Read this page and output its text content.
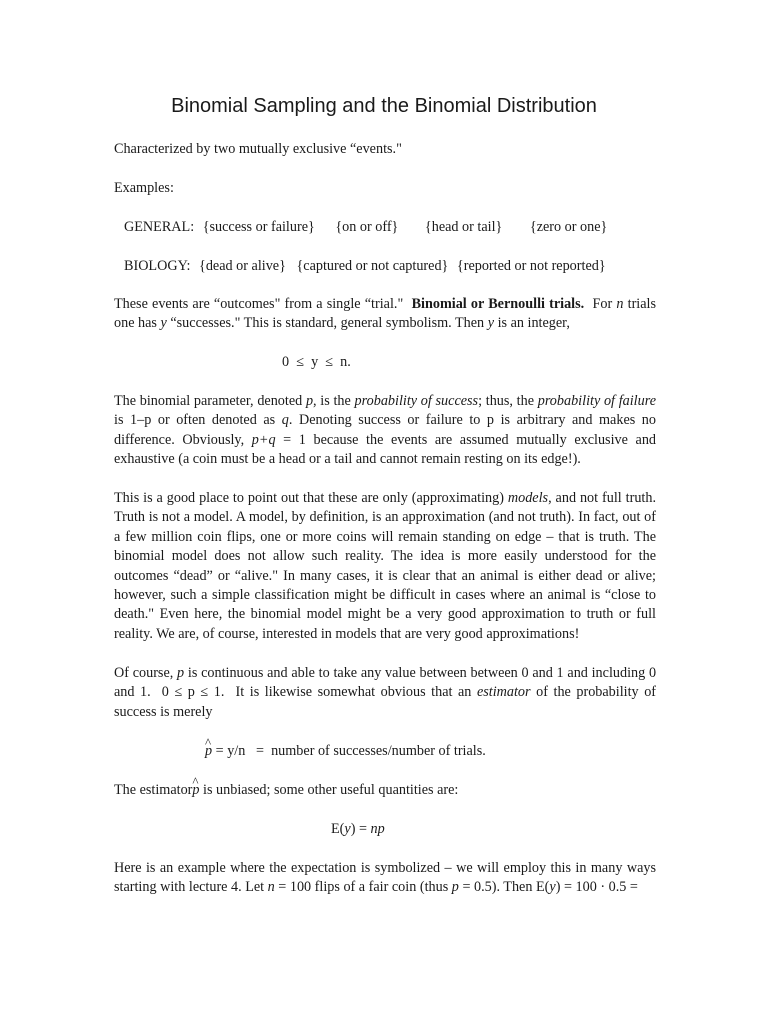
Binomial Sampling and the Binomial Distribution

Characterized by two mutually exclusive “events."

Examples:

GENERAL: {success or failure} {on or off} {head or tail} {zero or one}
BIOLOGY: {dead or alive} {captured or not captured} {reported or not reported}

These events are “outcomes" from a single “trial." Binomial or Bernoulli trials. For n trials one has y “successes." This is standard, general symbolism. Then y is an integer,

0  ≤  y  ≤  n.

The binomial parameter, denoted p, is the probability of success; thus, the probability of failure is 1–p or often denoted as q. Denoting success or failure to p is arbitrary and makes no difference. Obviously, p+q = 1 because the events are assumed mutually exclusive and exhaustive (a coin must be a head or a tail and cannot remain resting on its edge!).

This is a good place to point out that these are only (approximating) models, and not full truth. Truth is not a model. A model, by definition, is an approximation (and not truth). In fact, out of a few million coin flips, one or more coins will remain standing on edge – that is truth. The binomial model does not allow such reality. The idea is more easily understood for the outcomes “dead” or “alive." In many cases, it is clear that an animal is either dead or alive; however, such a simple classification might be difficult in cases where an animal is “close to death." Even here, the binomial model might be a very good approximation to truth or full reality. We are, of course, interested in models that are very good approximations!

Of course, p is continuous and able to take any value between between 0 and 1 and including 0 and 1. 0 ≤ p ≤ 1. It is likewise somewhat obvious that an estimator of the probability of success is merely

^ p = y/n = number of successes/number of trials.

The estimator^ p is unbiased; some other useful quantities are:

E(y) = np

Here is an example where the expectation is symbolized – we will employ this in many ways starting with lecture 4. Let n = 100 flips of a fair coin (thus p = 0.5). Then E(y) = 100 · 0.5 =
